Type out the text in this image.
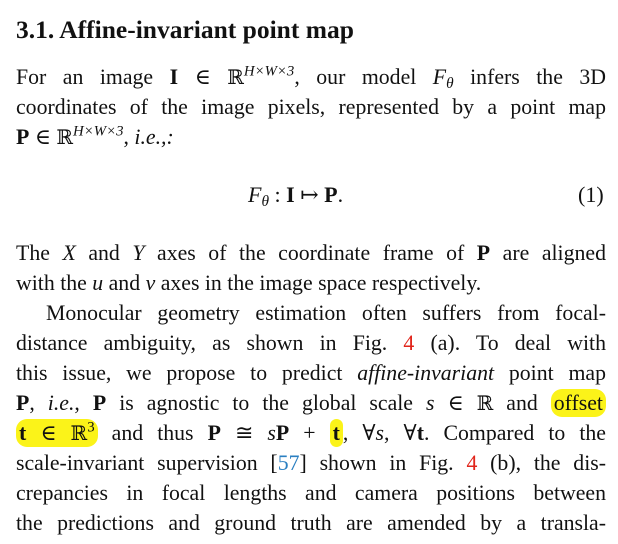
3.1. Affine-invariant point map
For an image I ∈ ℝ$^{H\times W\times 3}$, our model $F_\theta$ infers the 3D
coordinates of the image pixels, represented by a point map
P ∈ ℝ$^{H\times W\times 3}$, i.e.,:
$F_\theta$ : I ↦ P.	(1)
The X and Y axes of the coordinate frame of P are aligned
with the u and v axes in the image space respectively.
Monocular geometry estimation often suffers from focal-
distance ambiguity, as shown in Fig. 4 (a). To deal with
this issue, we propose to predict affine-invariant point map
P, i.e., P is agnostic to the global scale s ∈ ℝ and offset
t ∈ ℝ$^3$ and thus P ≅ sP + t , ∀s, ∀t. Compared to the
scale-invariant supervision [57] shown in Fig. 4 (b), the dis-
crepancies in focal lengths and camera positions between
the predictions and ground truth are amended by a transla-
